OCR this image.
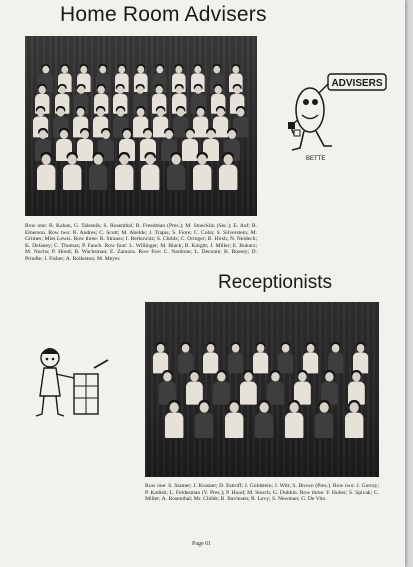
Home Room Advisers
ADVISERS
BETTE
Row one: B. Kahan, G. Talesnik; S. Rosenthal; B. Freedman (Pres.); M. Stoecklin (Sec.); E. Auf; B. Emerson. Row two: B. Andres; C. Scott; M. Abelde; J. Trapis; S. Fiore; C. Cohn; S. Silverstein; M. Grimes; Miss Lewis. Row three: R. Strauss; I. Berkowitz; S. Childs; C. Oringer; B. Hirsh; N. Neidech; K. Delaney; C. Thomas; P. Fauch. Row four: L. Willinger; M. Black; B. Knight; J. Miller; E. Bukarz; M. Nuchs; P. Hood; B. Wachsman; E. Zamora. Row five: C. Nardone; L. Deconte; B. Bossey; D. Prindle; J. Fisher; A. Rolleston; M. Meyer.
Receptionists
Row one: S. Stamer; J. Krasner; D. Estroff; J. Goldstein; J. Witt; S. Brown (Pres.). Row two: J. Gorray; P. Kadish; L. Feldesman (V. Pres.); P. Hood; M. Storch; G. Dobkin. Row three: F. Huber; S. Spivak; C. Miller; A. Rosenthal; Mr. Childs; B. Bavinsen; R. Levy; S. Newman; G. De Vito.
Page 61
